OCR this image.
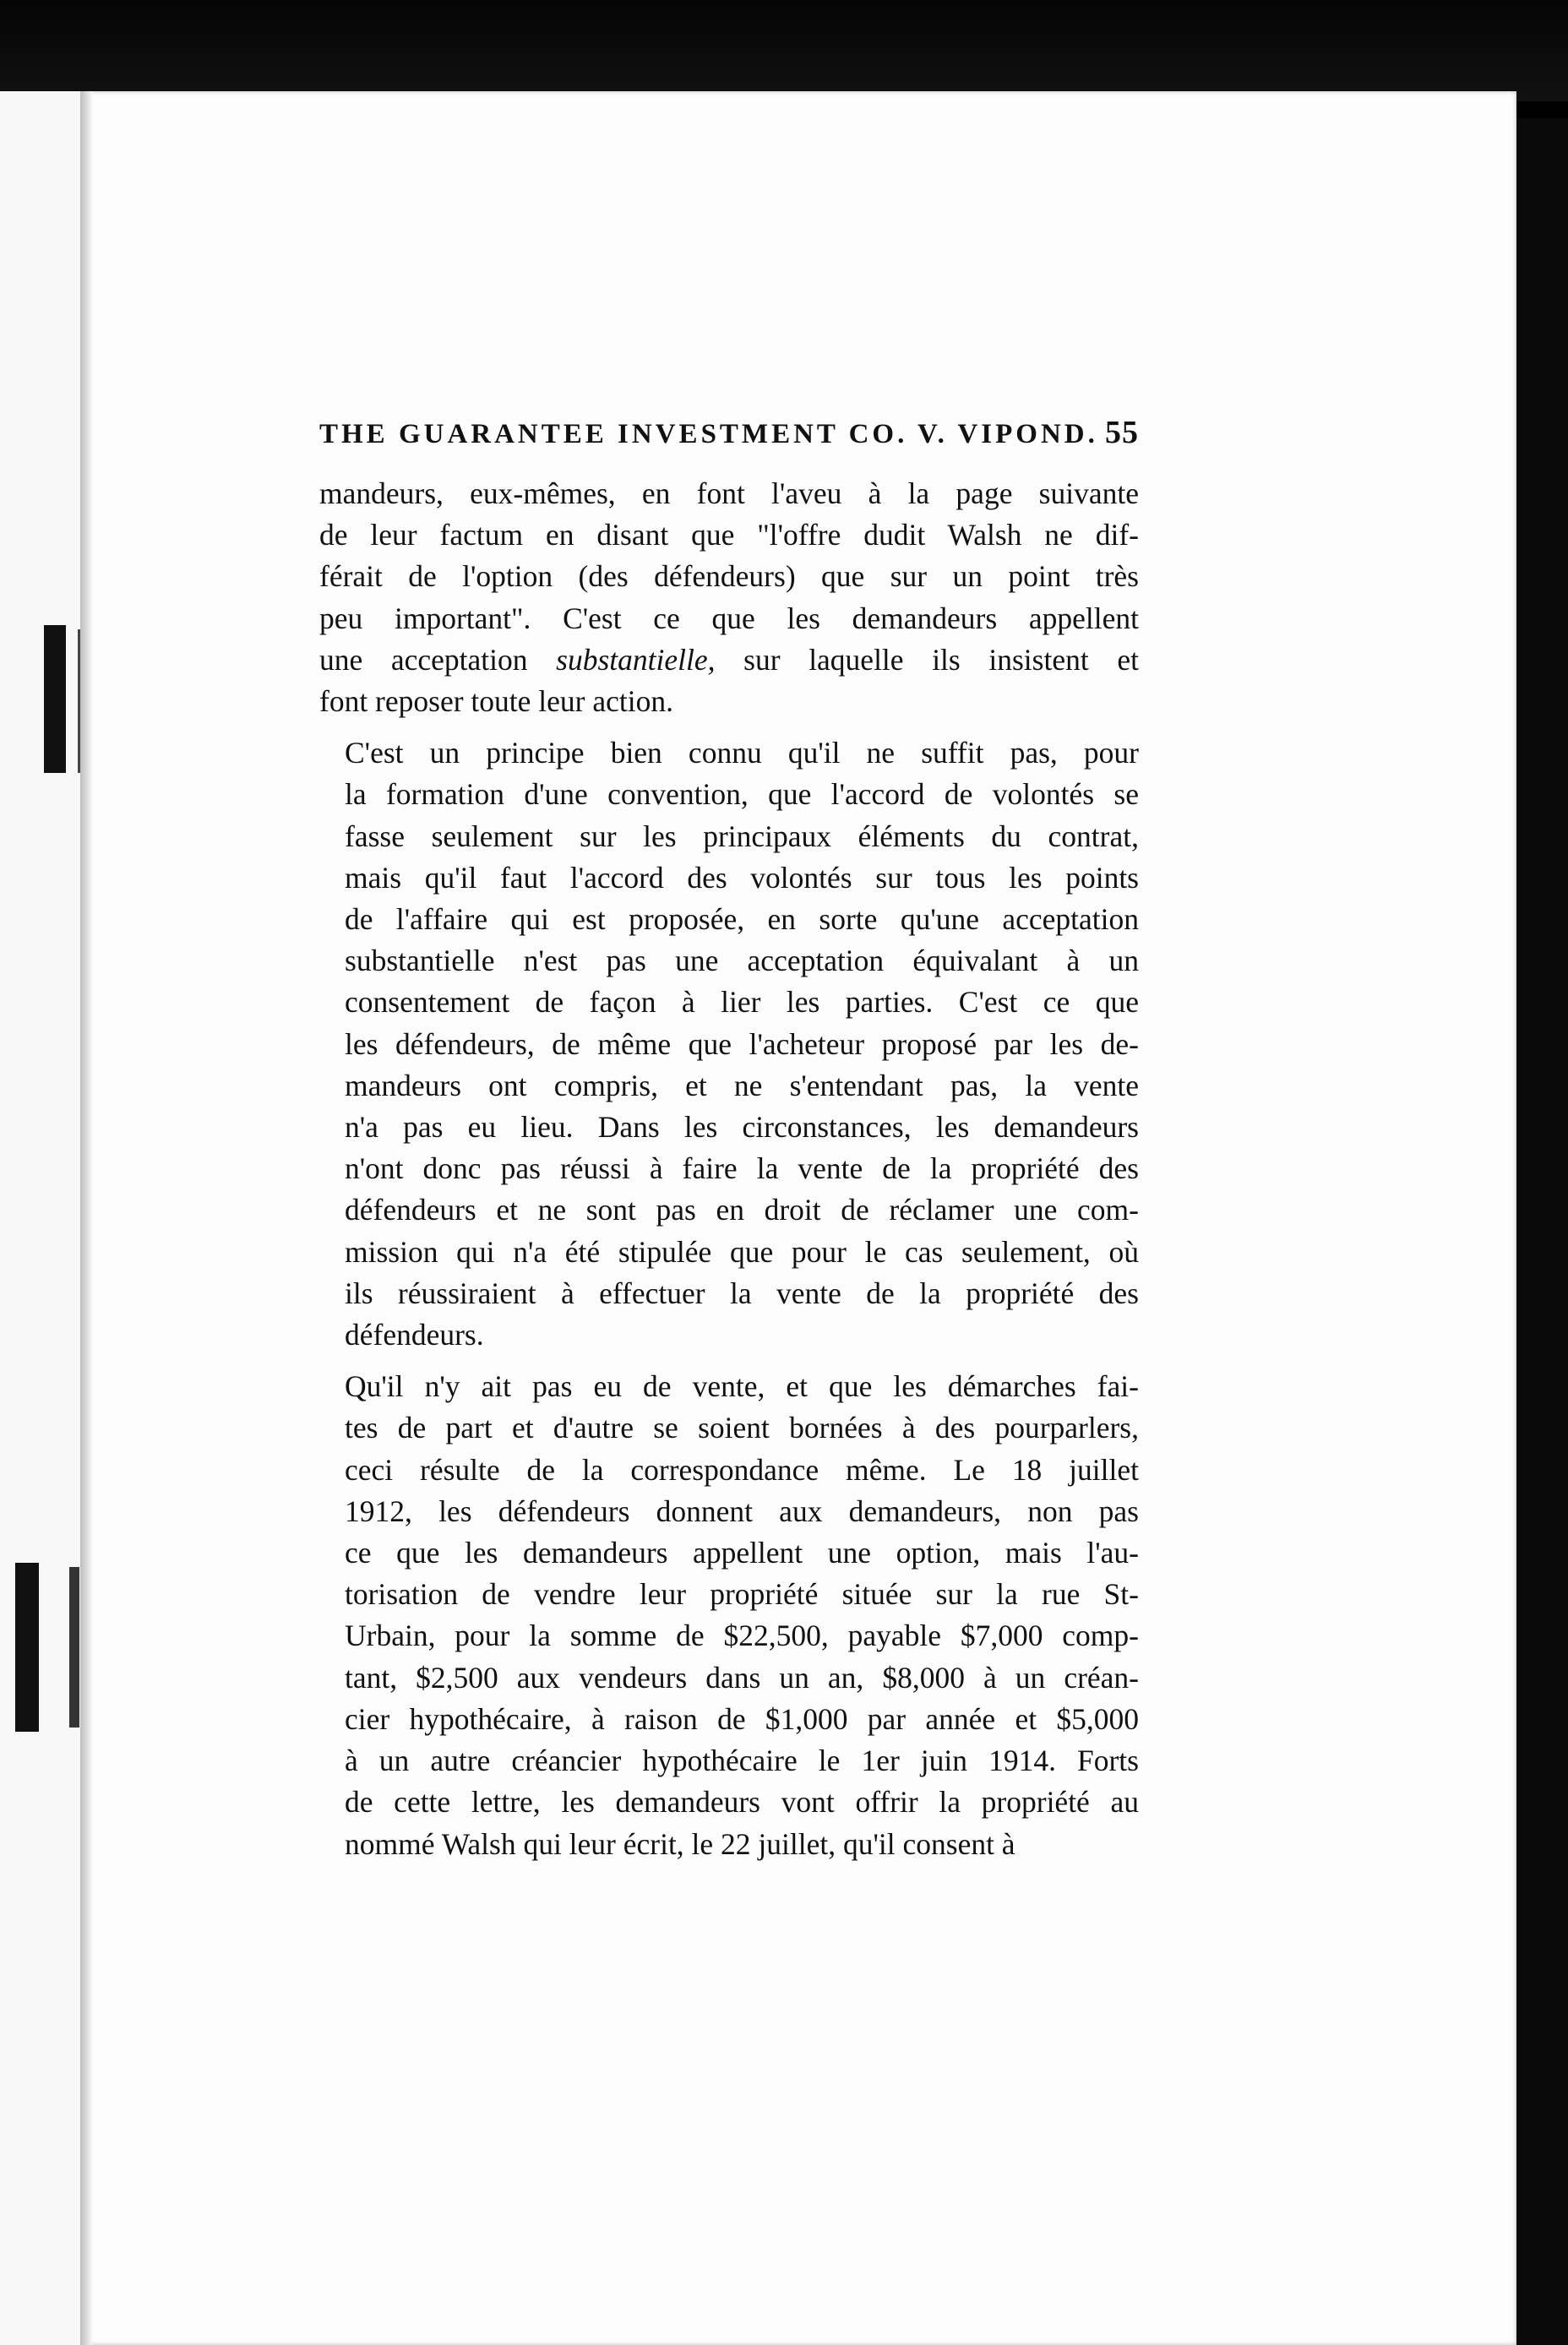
THE GUARANTEE INVESTMENT CO. V. VIPOND. 55
mandeurs, eux-mêmes, en font l'aveu à la page suivante
de leur factum en disant que "l'offre dudit Walsh ne dif-
férait de l'option (des défendeurs) que sur un point très
peu important". C'est ce que les demandeurs appellent
une acceptation substantielle, sur laquelle ils insistent et
font reposer toute leur action.
C'est un principe bien connu qu'il ne suffit pas, pour
la formation d'une convention, que l'accord de volontés se
fasse seulement sur les principaux éléments du contrat,
mais qu'il faut l'accord des volontés sur tous les points
de l'affaire qui est proposée, en sorte qu'une acceptation
substantielle n'est pas une acceptation équivalant à un
consentement de façon à lier les parties. C'est ce que
les défendeurs, de même que l'acheteur proposé par les de-
mandeurs ont compris, et ne s'entendant pas, la vente
n'a pas eu lieu. Dans les circonstances, les demandeurs
n'ont donc pas réussi à faire la vente de la propriété des
défendeurs et ne sont pas en droit de réclamer une com-
mission qui n'a été stipulée que pour le cas seulement, où
ils réussiraient à effectuer la vente de la propriété des
défendeurs.
Qu'il n'y ait pas eu de vente, et que les démarches fai-
tes de part et d'autre se soient bornées à des pourparlers,
ceci résulte de la correspondance même. Le 18 juillet
1912, les défendeurs donnent aux demandeurs, non pas
ce que les demandeurs appellent une option, mais l'au-
torisation de vendre leur propriété située sur la rue St-
Urbain, pour la somme de $22,500, payable $7,000 comp-
tant, $2,500 aux vendeurs dans un an, $8,000 à un créan-
cier hypothécaire, à raison de $1,000 par année et $5,000
à un autre créancier hypothécaire le 1er juin 1914. Forts
de cette lettre, les demandeurs vont offrir la propriété au
nommé Walsh qui leur écrit, le 22 juillet, qu'il consent à
